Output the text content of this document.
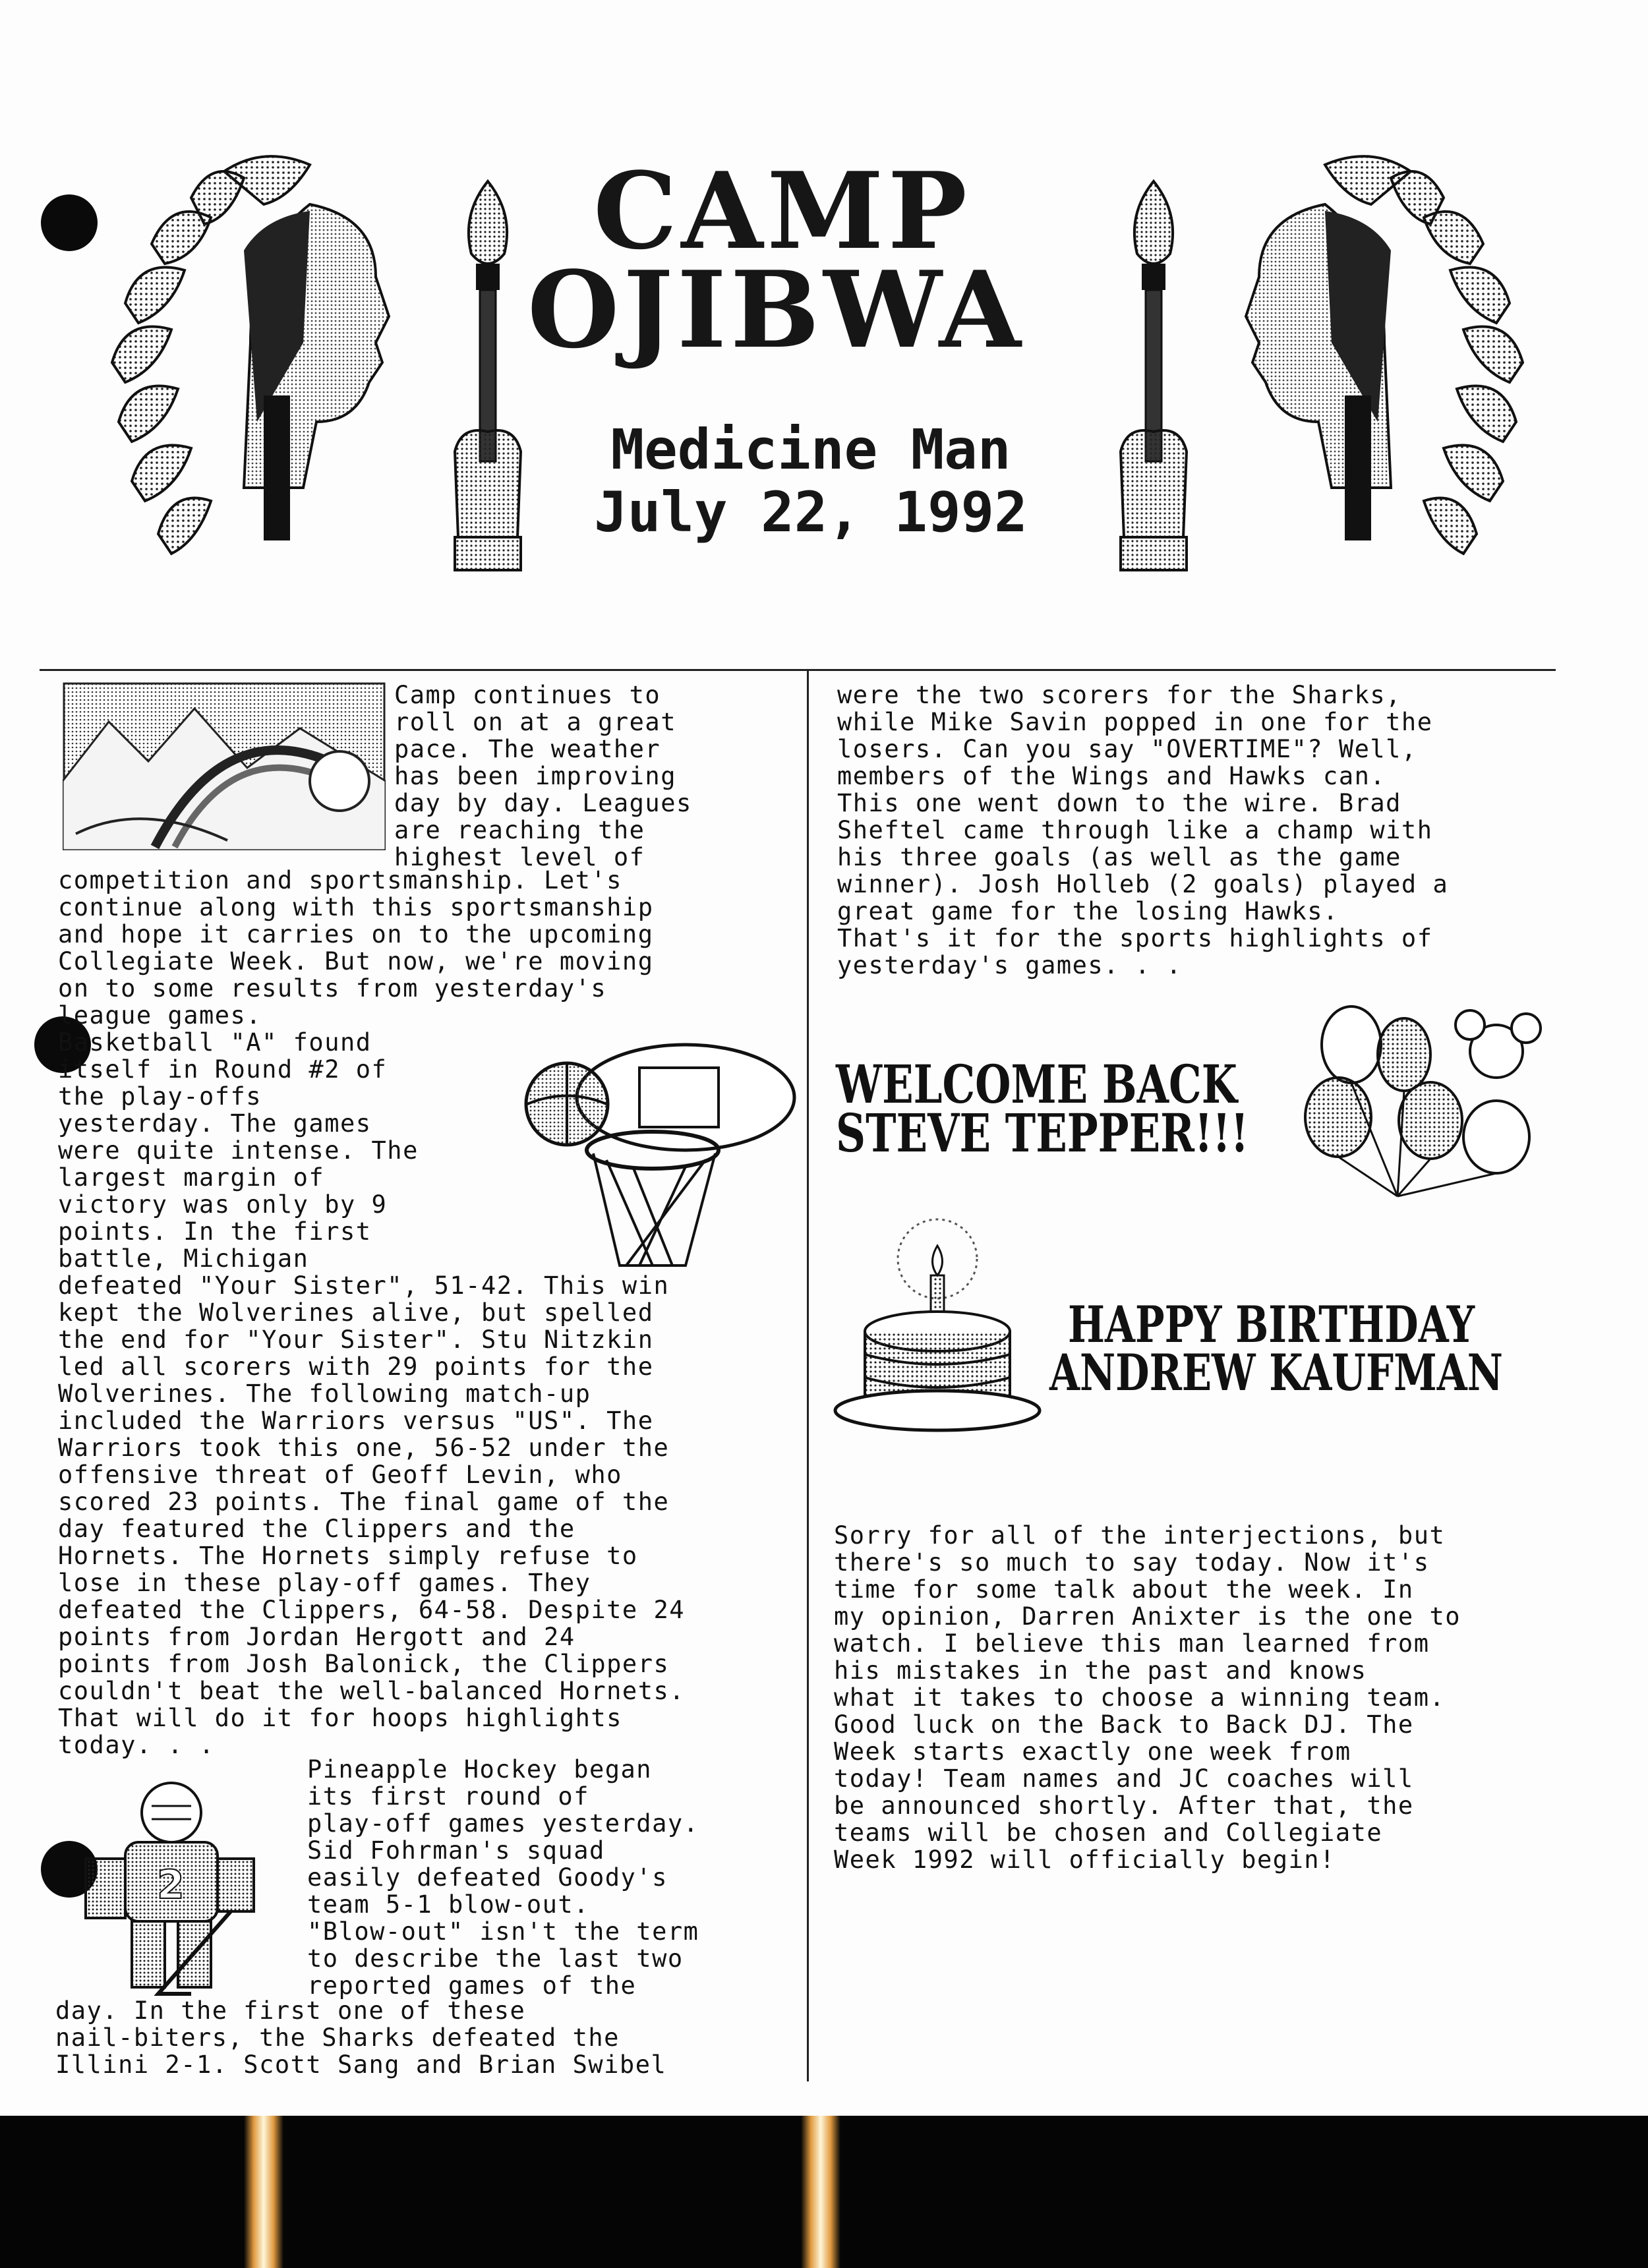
CAMP
OJIBWA
Medicine Man
July 22, 1992
Camp continues to
roll on at a great
pace. The weather
has been improving
day by day. Leagues
are reaching the
highest level of
competition and sportsmanship. Let's
continue along with this sportsmanship
and hope it carries on to the upcoming
Collegiate Week. But now, we're moving
on to some results from yesterday's
league games.
Basketball "A" found
itself in Round #2 of
the play-offs
yesterday. The games
were quite intense. The
largest margin of
victory was only by 9
points. In the first
battle, Michigan
defeated "Your Sister", 51-42. This win
kept the Wolverines alive, but spelled
the end for "Your Sister". Stu Nitzkin
led all scorers with 29 points for the
Wolverines. The following match-up
included the Warriors versus "US". The
Warriors took this one, 56-52 under the
offensive threat of Geoff Levin, who
scored 23 points. The final game of the
day featured the Clippers and the
Hornets. The Hornets simply refuse to
lose in these play-off games. They
defeated the Clippers, 64-58. Despite 24
points from Jordan Hergott and 24
points from Josh Balonick, the Clippers
couldn't beat the well-balanced Hornets.
That will do it for hoops highlights
today. . .
2
Pineapple Hockey began
its first round of
play-off games yesterday.
Sid Fohrman's squad
easily defeated Goody's
team 5-1 blow-out.
"Blow-out" isn't the term
to describe the last two
reported games of the
day. In the first one of these
nail-biters, the Sharks defeated the
Illini 2-1. Scott Sang and Brian Swibel
were the two scorers for the Sharks,
while Mike Savin popped in one for the
losers. Can you say "OVERTIME"? Well,
members of the Wings and Hawks can.
This one went down to the wire. Brad
Sheftel came through like a champ with
his three goals (as well as the game
winner). Josh Holleb (2 goals) played a
great game for the losing Hawks.
That's it for the sports highlights of
yesterday's games. . .
WELCOME BACK
STEVE TEPPER!!!
HAPPY BIRTHDAY
ANDREW KAUFMAN
Sorry for all of the interjections, but
there's so much to say today. Now it's
time for some talk about the week. In
my opinion, Darren Anixter is the one to
watch. I believe this man learned from
his mistakes in the past and knows
what it takes to choose a winning team.
Good luck on the Back to Back DJ. The
Week starts exactly one week from
today! Team names and JC coaches will
be announced shortly. After that, the
teams will be chosen and Collegiate
Week 1992 will officially begin!
